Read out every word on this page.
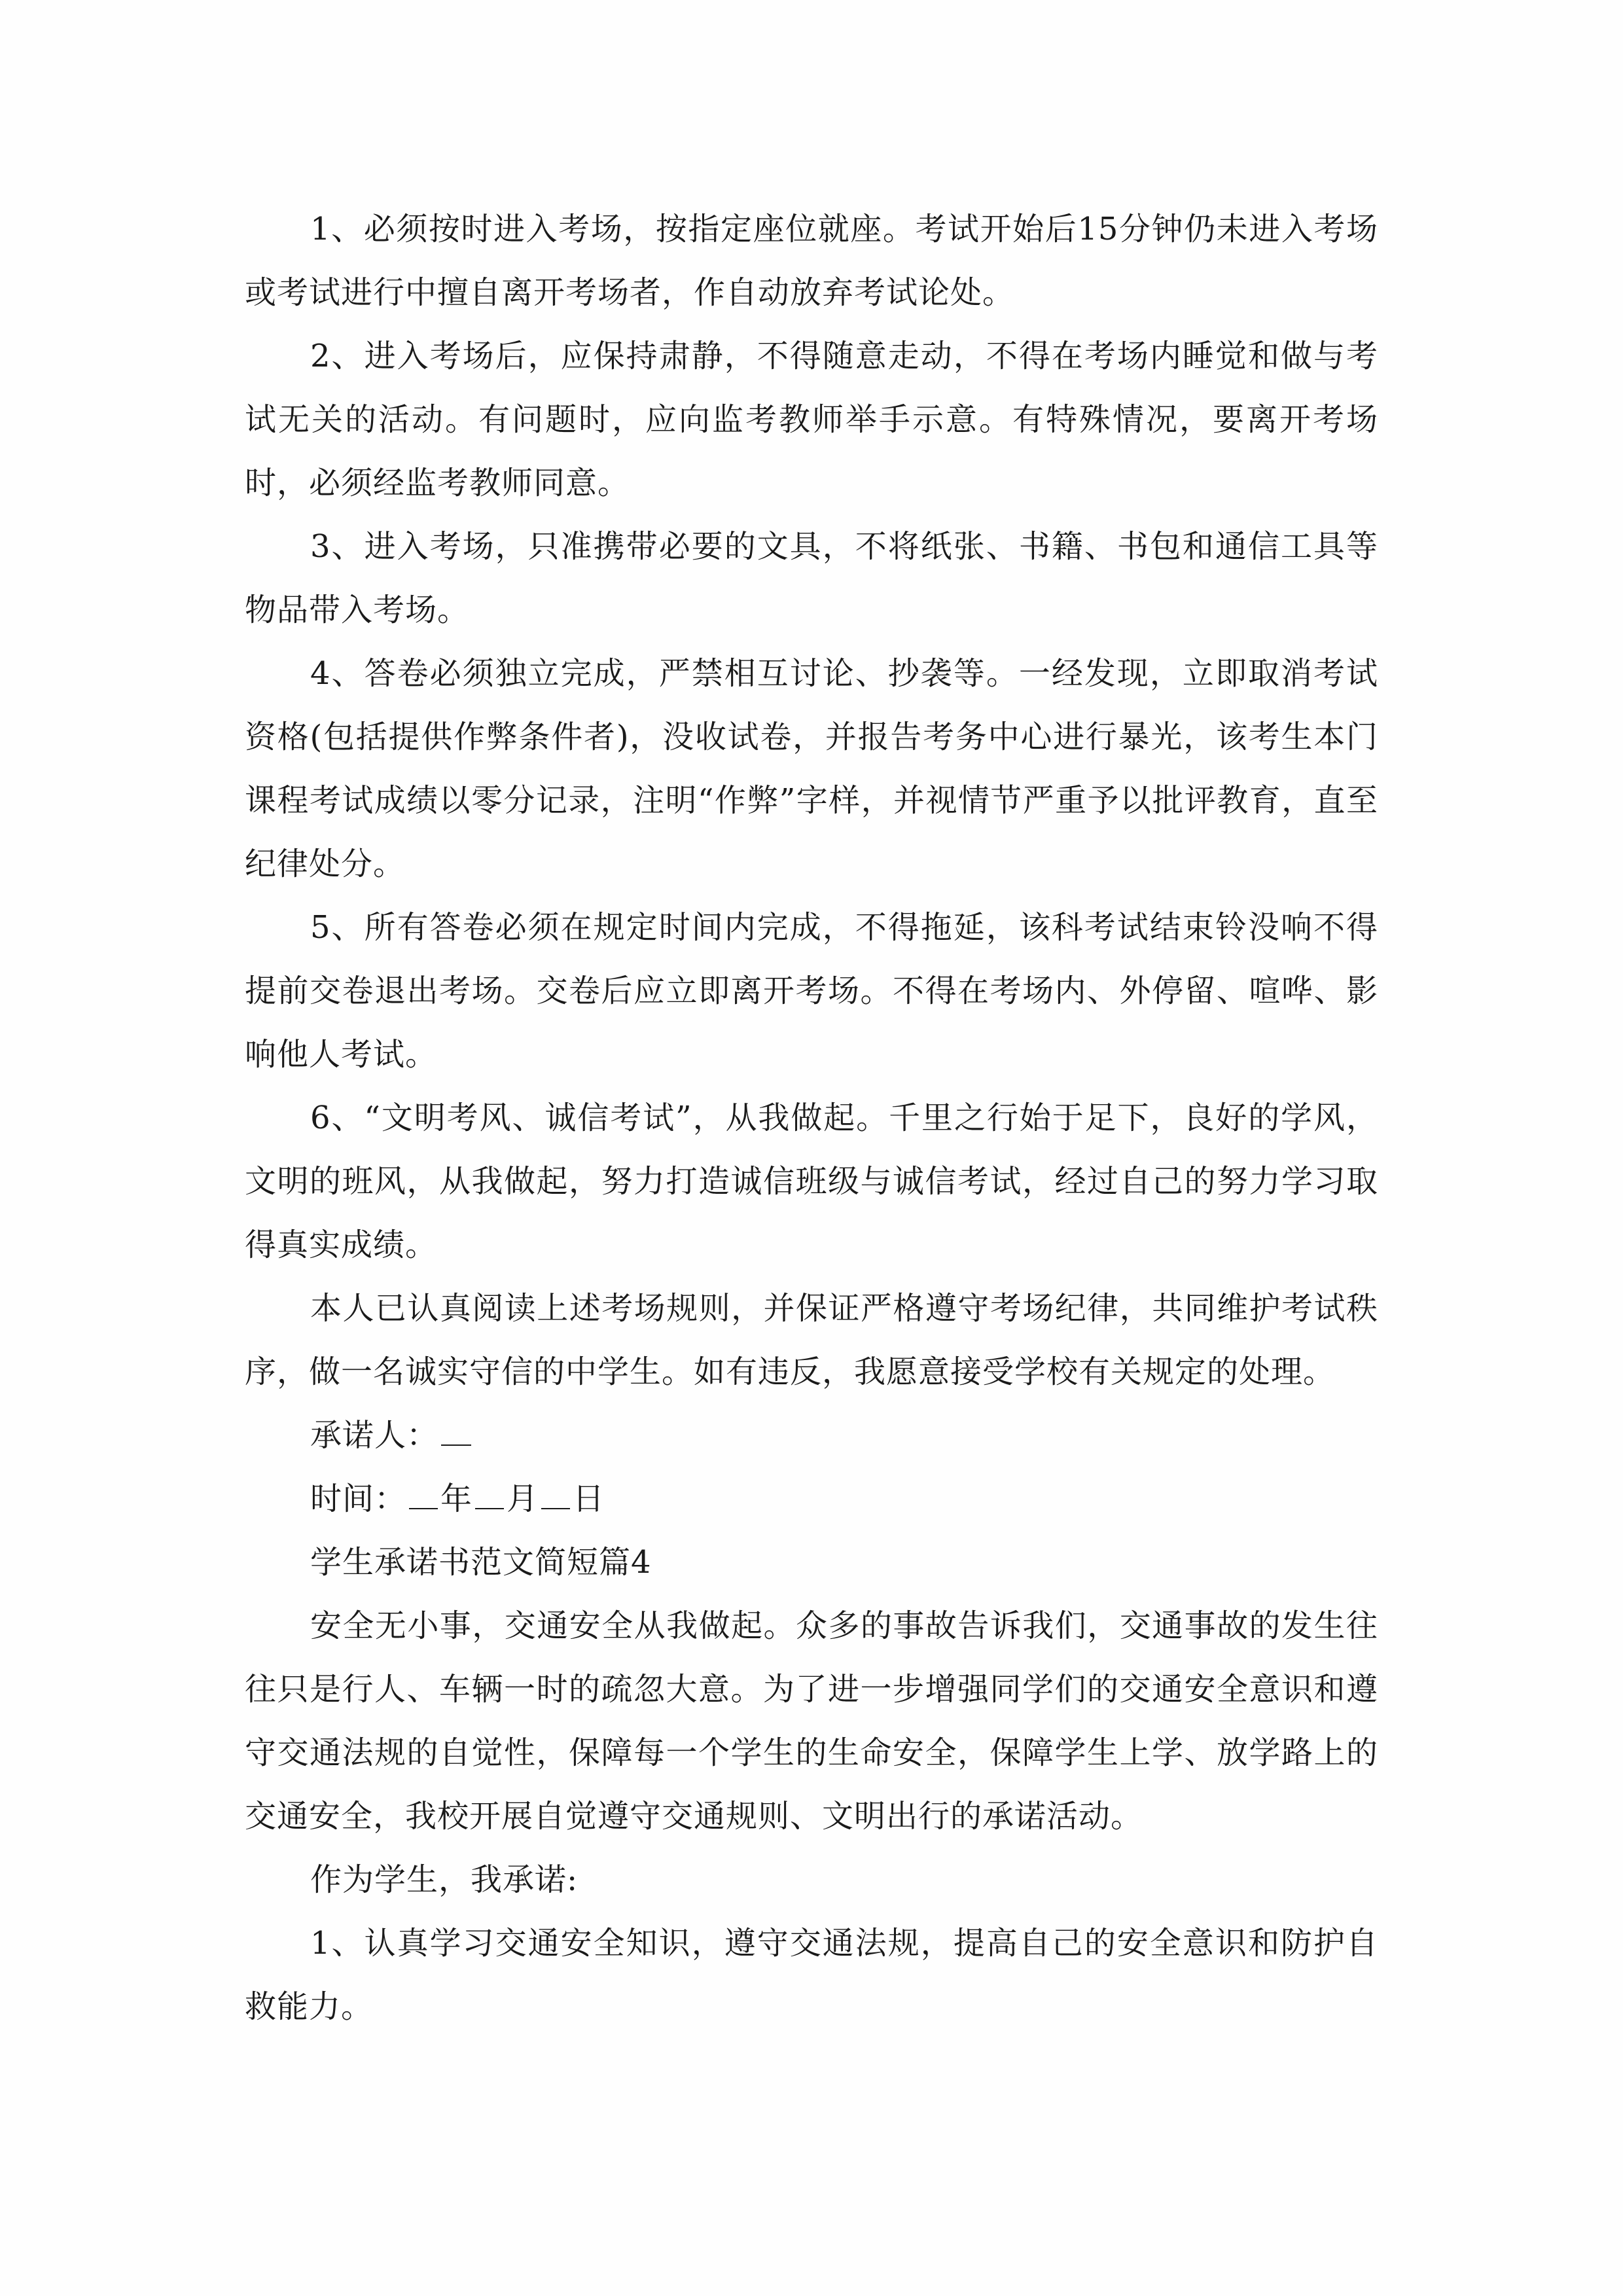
1、必须按时进入考场，按指定座位就座。考试开始后15分钟仍未进入考场或考试进行中擅自离开考场者，作自动放弃考试论处。

2、进入考场后，应保持肃静，不得随意走动，不得在考场内睡觉和做与考试无关的活动。有问题时，应向监考教师举手示意。有特殊情况，要离开考场时，必须经监考教师同意。

3、进入考场，只准携带必要的文具，不将纸张、书籍、书包和通信工具等物品带入考场。

4、答卷必须独立完成，严禁相互讨论、抄袭等。一经发现，立即取消考试资格(包括提供作弊条件者)，没收试卷，并报告考务中心进行暴光，该考生本门课程考试成绩以零分记录，注明“作弊”字样，并视情节严重予以批评教育，直至纪律处分。

5、所有答卷必须在规定时间内完成，不得拖延，该科考试结束铃没响不得提前交卷退出考场。交卷后应立即离开考场。不得在考场内、外停留、喧哗、影响他人考试。

6、“文明考风、诚信考试”，从我做起。千里之行始于足下，良好的学风，文明的班风，从我做起，努力打造诚信班级与诚信考试，经过自己的努力学习取得真实成绩。

本人已认真阅读上述考场规则，并保证严格遵守考场纪律，共同维护考试秩序，做一名诚实守信的中学生。如有违反，我愿意接受学校有关规定的处理。

承诺人：

时间： 年 月 日

学生承诺书范文简短篇4

安全无小事，交通安全从我做起。众多的事故告诉我们，交通事故的发生往往只是行人、车辆一时的疏忽大意。为了进一步增强同学们的交通安全意识和遵守交通法规的自觉性，保障每一个学生的生命安全，保障学生上学、放学路上的交通安全，我校开展自觉遵守交通规则、文明出行的承诺活动。

作为学生，我承诺:

1、认真学习交通安全知识，遵守交通法规，提高自己的安全意识和防护自救能力。
